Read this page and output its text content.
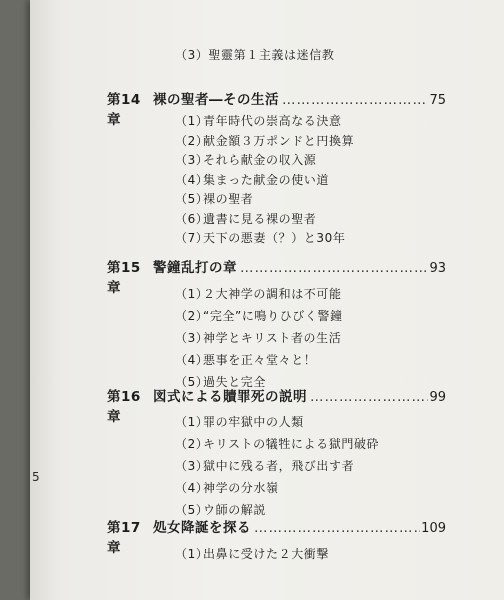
5
（3）聖靈第１主義は迷信教
第14章
裸の聖者―その生活 ……………………………………………………………………………………	75
（1）青年時代の崇高なる決意
（2）献金額３万ポンドと円換算
（3）それら献金の収入源
（4）集まった献金の使い道
（5）裸の聖者
（6）遺書に見る裸の聖者
（7）天下の悪妻（？）と30年
第15章
警鐘乱打の章 ……………………………………………………………………………………	93
（1）２大神学の調和は不可能
（2）“完全”に鳴りひびく警鐘
（3）神学とキリスト者の生活
（4）悪事を正々堂々と！
（5）過失と完全
第16章
図式による贖罪死の説明 ……………………………………………………………………………………	99
（1）罪の牢獄中の人類
（2）キリストの犠牲による獄門破砕
（3）獄中に残る者，飛び出す者
（4）神学の分水嶺
（5）ウ師の解説
第17章
処女降誕を探る ……………………………………………………………………………………	109
（1）出鼻に受けた２大衝撃
